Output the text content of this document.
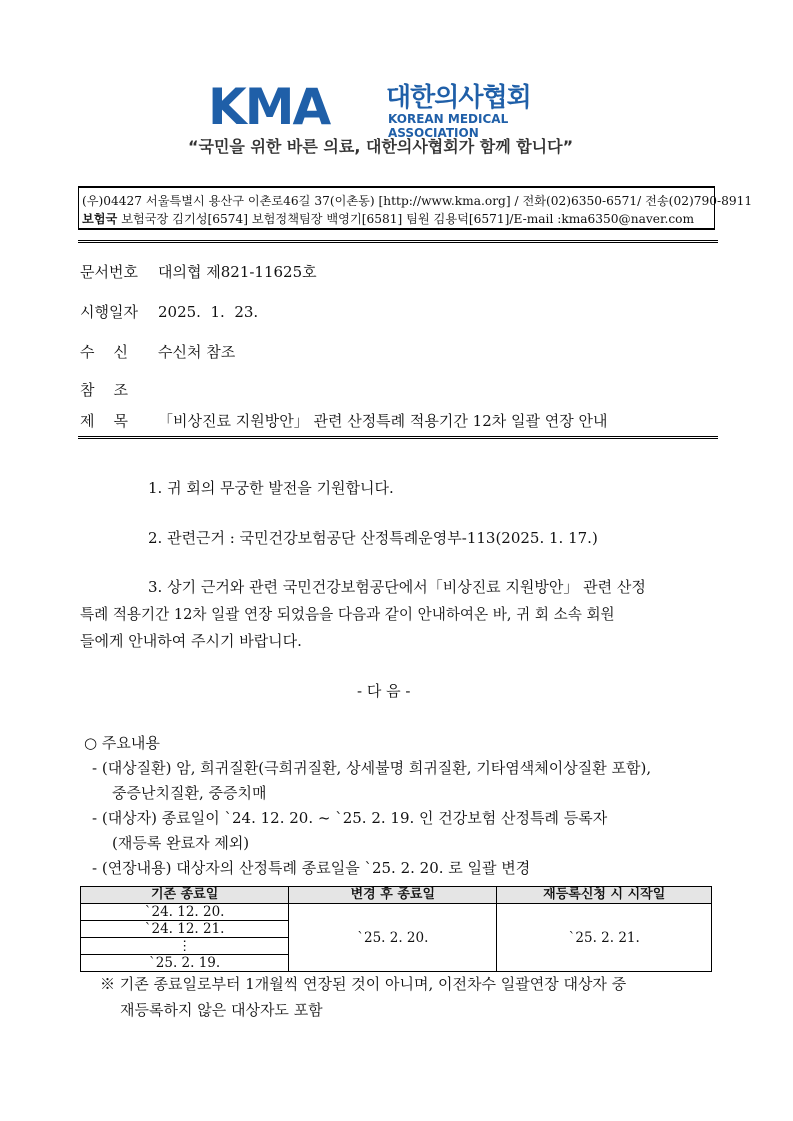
KMA 대한의사협회
KOREAN MEDICAL ASSOCIATION
“국민을 위한 바른 의료, 대한의사협회가 함께 합니다”
(우)04427 서울특별시 용산구 이촌로46길 37(이촌동) [http://www.kma.org] / 전화(02)6350-6571/ 전송(02)790-8911
보험국 보험국장 김기성[6574] 보험정책팀장 백영기[6581] 팀원 김용덕[6571]/E-mail :kma6350@naver.com
문서번호 대의협 제821-11625호
시행일자 2025.  1.  23.
수    신 수신처 참조
참    조
제    목 「비상진료 지원방안」 관련 산정특례 적용기간 12차 일괄 연장 안내
1. 귀 회의 무궁한 발전을 기원합니다.
2. 관련근거 : 국민건강보험공단 산정특례운영부-113(2025. 1. 17.)
3. 상기 근거와 관련 국민건강보험공단에서「비상진료 지원방안」 관련 산정
특례 적용기간 12차 일괄 연장 되었음을 다음과 같이 안내하여온 바, 귀 회 소속 회원
들에게 안내하여 주시기 바랍니다.
- 다 음 -
○ 주요내용
- (대상질환) 암, 희귀질환(극희귀질환, 상세불명 희귀질환, 기타염색체이상질환 포함),
중증난치질환, 중증치매
- (대상자) 종료일이 `24. 12. 20. ~ `25. 2. 19. 인 건강보험 산정특례 등록자
(재등록 완료자 제외)
- (연장내용) 대상자의 산정특례 종료일을 `25. 2. 20. 로 일괄 변경
기존 종료일	변경 후 종료일	재등록신청 시 시작일
`24. 12. 20.	`25. 2. 20.	`25. 2. 21.
`24. 12. 21.		
⋮		
`25. 2. 19.		
※ 기존 종료일로부터 1개월씩 연장된 것이 아니며, 이전차수 일괄연장 대상자 중
재등록하지 않은 대상자도 포함
